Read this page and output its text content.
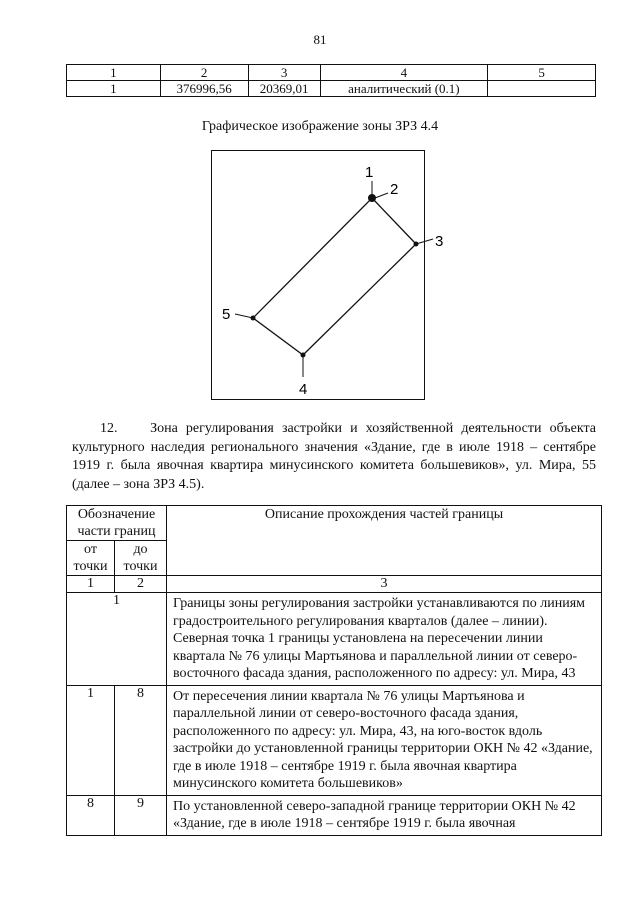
81
1	2	3	4	5
1	376996,56	20369,01	аналитический (0.1)	
Графическое изображение зоны ЗРЗ 4.4
1
2
3
4
5
12. Зона регулирования застройки и хозяйственной деятельности объекта культурного наследия регионального значения «Здание, где в июле 1918 – сентябре 1919 г. была явочная квартира минусинского комитета большевиков», ул. Мира, 55 (далее – зона ЗРЗ 4.5).
Обозначение части границ		Описание прохождения частей границы
от точки	до точки	
1	2	3
1		Границы зоны регулирования застройки устанавливаются по линиям градостроительного регулирования кварталов (далее – линии). Северная точка 1 границы установлена на пересечении линии квартала № 76 улицы Мартьянова и параллельной линии от северо-восточного фасада здания, расположенного по адресу: ул. Мира, 43
1	8	От пересечения линии квартала № 76 улицы Мартьянова и параллельной линии от северо-восточного фасада здания, расположенного по адресу: ул. Мира, 43, на юго-восток вдоль застройки до установленной границы территории ОКН № 42 «Здание, где в июле 1918 – сентябре 1919 г. была явочная квартира минусинского комитета большевиков»
8	9	По установленной северо-западной границе территории ОКН № 42 «Здание, где в июле 1918 – сентябре 1919 г. была явочная
